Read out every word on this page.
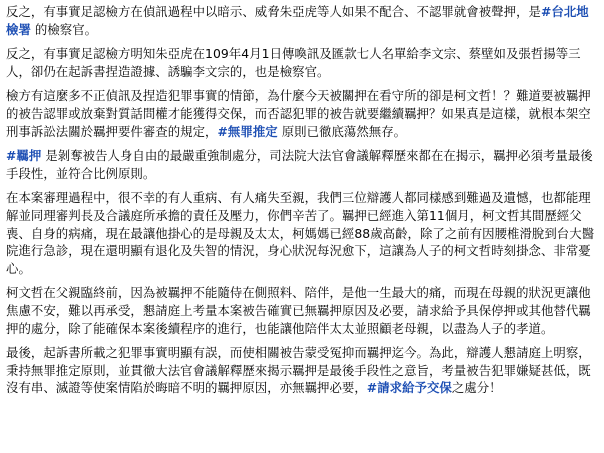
反之，有事實足認檢方在偵訊過程中以暗示、威脅朱亞虎等人如果不配合、不認罪就會被聲押，是#台北地檢署 的檢察官。

反之，有事實足認檢方明知朱亞虎在109年4月1日傳喚訊及匯款七人名單給李文宗、蔡壁如及張哲揚等三人，卻仍在起訴書捏造證據、誘騙李文宗的，也是檢察官。

檢方有這麼多不正偵訊及捏造犯罪事實的情節，為什麼今天被關押在看守所的卻是柯文哲！？難道要被羈押的被告認罪或放棄對質話問權才能獲得交保，而否認犯罪的被告就要繼續羈押？如果真是這樣，就根本架空刑事訴訟法關於羈押要件審查的規定，#無罪推定 原則已徹底蕩然無存。

#羈押 是剝奪被告人身自由的最嚴重強制處分，司法院大法官會議解釋歷來都在在揭示，羈押必須考量最後手段性，並符合比例原則。

在本案審理過程中，很不幸的有人重病、有人痛失至親，我們三位辯護人都同樣感到難過及遺憾，也都能理解並同理審判長及合議庭所承擔的責任及壓力，你們辛苦了。羈押已經進入第11個月，柯文哲其間歷經父喪、自身的病痛，現在最讓他掛心的是母親及太太，柯媽媽已經88歲高齡，除了之前有因腰椎滑脫到台大醫院進行急診，現在還明顯有退化及失智的情況，身心狀況每況愈下，這讓為人子的柯文哲時刻掛念、非常憂心。

柯文哲在父親臨終前，因為被羈押不能隨侍在側照料、陪伴，是他一生最大的痛，而現在母親的狀況更讓他焦慮不安，難以再承受，懇請庭上考量本案被告確實已無羈押原因及必要，請求給予具保停押或其他替代羈押的處分，除了能確保本案後續程序的進行，也能讓他陪伴太太並照顧老母親，以盡為人子的孝道。

最後，起訴書所載之犯罪事實明顯有誤，而使相關被告蒙受冤抑而羈押迄今。為此，辯護人懇請庭上明察，秉持無罪推定原則，並貫徹大法官會議解釋歷來揭示羈押是最後手段性之意旨，考量被告犯罪嫌疑甚低，既沒有串、滅證等使案情陷於晦暗不明的羈押原因，亦無羈押必要，#請求給予交保之處分！
